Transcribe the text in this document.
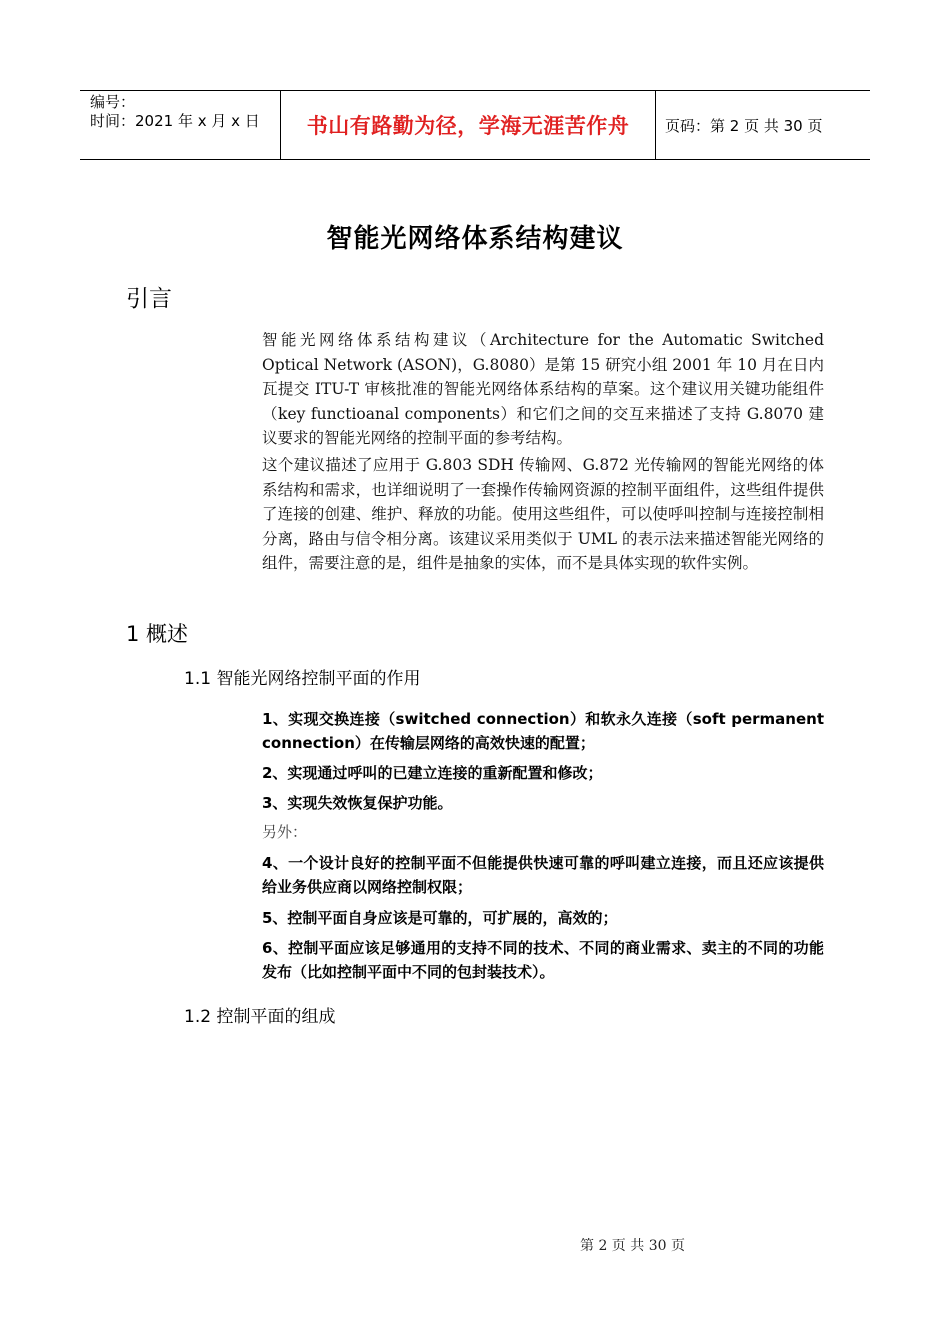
编号：
时间：2021 年 x 月 x 日	书山有路勤为径，学海无涯苦作舟	页码：第 2 页 共 30 页
智能光网络体系结构建议
引言
智能光网络体系结构建议（Architecture for the Automatic Switched Optical Network (ASON)，G.8080）是第 15 研究小组 2001 年 10 月在日内瓦提交 ITU-T 审核批准的智能光网络体系结构的草案。这个建议用关键功能组件（key functioanal components）和它们之间的交互来描述了支持 G.8070 建议要求的智能光网络的控制平面的参考结构。
这个建议描述了应用于 G.803 SDH 传输网、G.872 光传输网的智能光网络的体系结构和需求，也详细说明了一套操作传输网资源的控制平面组件，这些组件提供了连接的创建、维护、释放的功能。使用这些组件，可以使呼叫控制与连接控制相分离，路由与信令相分离。该建议采用类似于 UML 的表示法来描述智能光网络的组件，需要注意的是，组件是抽象的实体，而不是具体实现的软件实例。
1 概述
1.1 智能光网络控制平面的作用
1、实现交换连接（switched connection）和软永久连接（soft permanent connection）在传输层网络的高效快速的配置；
2、实现通过呼叫的已建立连接的重新配置和修改；
3、实现失效恢复保护功能。
另外：
4、一个设计良好的控制平面不但能提供快速可靠的呼叫建立连接，而且还应该提供给业务供应商以网络控制权限；
5、控制平面自身应该是可靠的，可扩展的，高效的；
6、控制平面应该足够通用的支持不同的技术、不同的商业需求、卖主的不同的功能发布（比如控制平面中不同的包封装技术）。
1.2 控制平面的组成
第 2 页 共 30 页
